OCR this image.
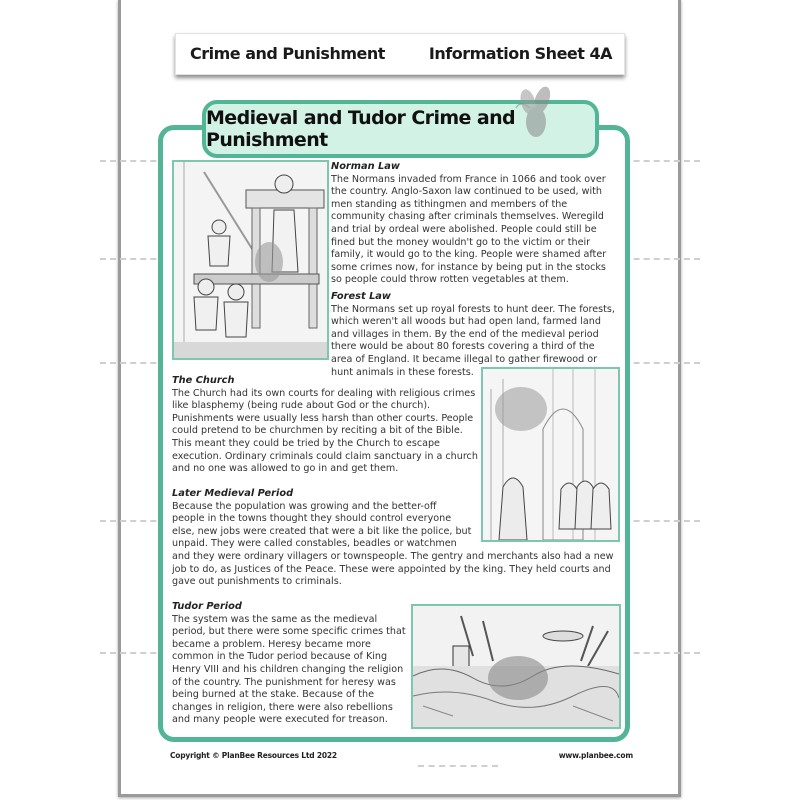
Crime and Punishment	Information Sheet 4A
Medieval and Tudor Crime and Punishment
Norman Law

The Normans invaded from France in 1066 and took over the country. Anglo-Saxon law continued to be used, with men standing as tithingmen and members of the community chasing after criminals themselves. Weregild and trial by ordeal were abolished. People could still be fined but the money wouldn't go to the victim or their family, it would go to the king. People were shamed after some crimes now, for instance by being put in the stocks so people could throw rotten vegetables at them.

Forest Law

The Normans set up royal forests to hunt deer. The forests, which weren't all woods but had open land, farmed land and villages in them. By the end of the medieval period there would be about 80 forests covering a third of the area of England. It became illegal to gather firewood or hunt animals in these forests.

The Church

The Church had its own courts for dealing with religious crimes like blasphemy (being rude about God or the church). Punishments were usually less harsh than other courts. People could pretend to be churchmen by reciting a bit of the Bible. This meant they could be tried by the Church to escape execution. Ordinary criminals could claim sanctuary in a church and no one was allowed to go in and get them.

Later Medieval Period

Because the population was growing and the better-off people in the towns thought they should control everyone else, new jobs were created that were a bit like the police, but unpaid. They were called constables, beadles or watchmen

and they were ordinary villagers or townspeople. The gentry and merchants also had a new job to do, as Justices of the Peace. These were appointed by the king. They held courts and gave out punishments to criminals.

Tudor Period

The system was the same as the medieval period, but there were some specific crimes that became a problem. Heresy became more common in the Tudor period because of King Henry VIII and his children changing the religion of the country. The punishment for heresy was being burned at the stake. Because of the changes in religion, there were also rebellions and many people were executed for treason.

Copyright © PlanBee Resources Ltd 2022	www.planbee.com
